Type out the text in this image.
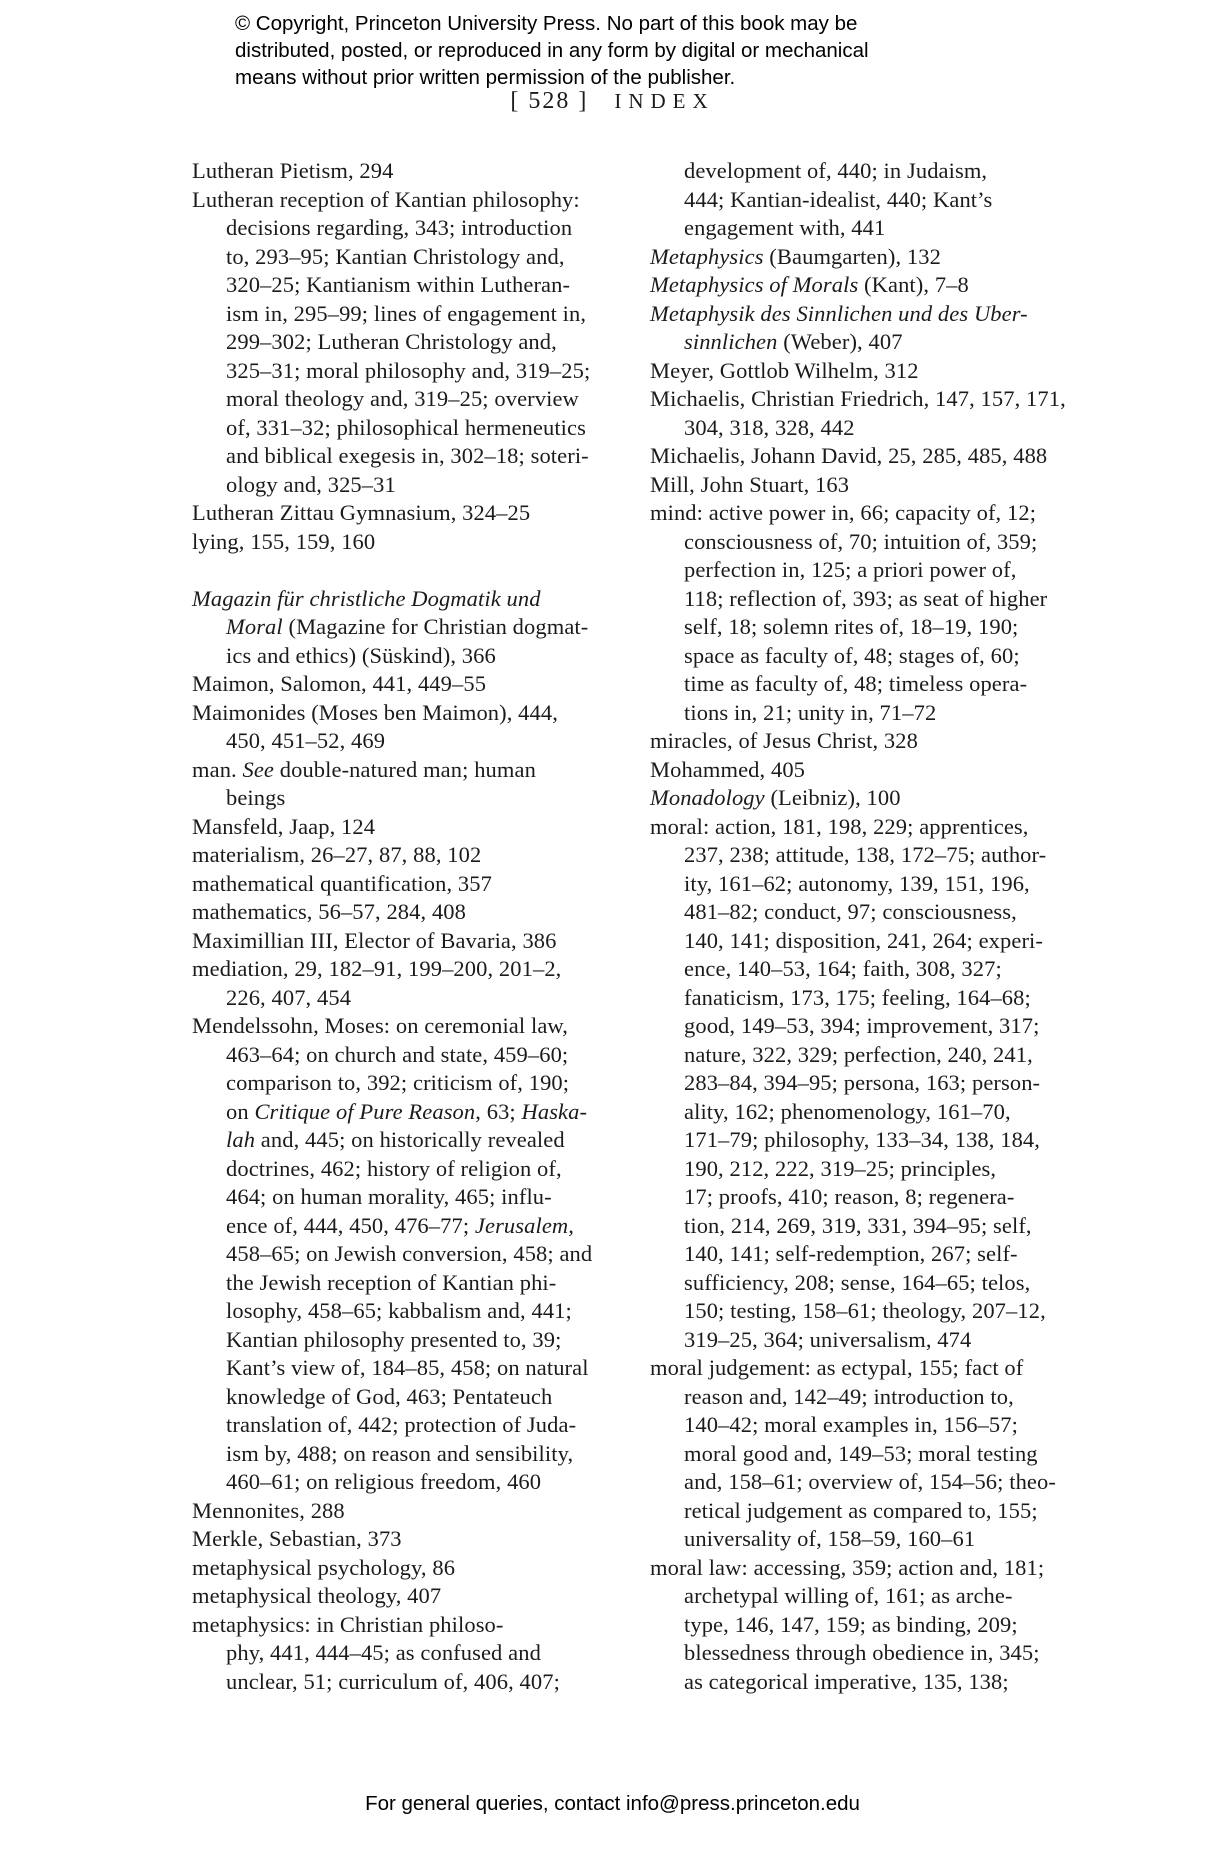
© Copyright, Princeton University Press. No part of this book may be
distributed, posted, or reproduced in any form by digital or mechanical
means without prior written permission of the publisher.
[ 528 ] INDEX
Lutheran Pietism, 294
Lutheran reception of Kantian philosophy:
decisions regarding, 343; introduction
to, 293–95; Kantian Christology and,
320–25; Kantianism within Lutheran-
ism in, 295–99; lines of engagement in,
299–302; Lutheran Christology and,
325–31; moral philosophy and, 319–25;
moral theology and, 319–25; overview
of, 331–32; philosophical hermeneutics
and biblical exegesis in, 302–18; soteri-
ology and, 325–31
Lutheran Zittau Gymnasium, 324–25
lying, 155, 159, 160
Magazin für christliche Dogmatik und
Moral (Magazine for Christian dogmat-
ics and ethics) (Süskind), 366
Maimon, Salomon, 441, 449–55
Maimonides (Moses ben Maimon), 444,
450, 451–52, 469
man. See double-natured man; human
beings
Mansfeld, Jaap, 124
materialism, 26–27, 87, 88, 102
mathematical quantification, 357
mathematics, 56–57, 284, 408
Maximillian III, Elector of Bavaria, 386
mediation, 29, 182–91, 199–200, 201–2,
226, 407, 454
Mendelssohn, Moses: on ceremonial law,
463–64; on church and state, 459–60;
comparison to, 392; criticism of, 190;
on Critique of Pure Reason, 63; Haska-
lah and, 445; on historically revealed
doctrines, 462; history of religion of,
464; on human morality, 465; influ-
ence of, 444, 450, 476–77; Jerusalem,
458–65; on Jewish conversion, 458; and
the Jewish reception of Kantian phi-
losophy, 458–65; kabbalism and, 441;
Kantian philosophy presented to, 39;
Kant’s view of, 184–85, 458; on natural
knowledge of God, 463; Pentateuch
translation of, 442; protection of Juda-
ism by, 488; on reason and sensibility,
460–61; on religious freedom, 460
Mennonites, 288
Merkle, Sebastian, 373
metaphysical psychology, 86
metaphysical theology, 407
metaphysics: in Christian philoso-
phy, 441, 444–45; as confused and
unclear, 51; curriculum of, 406, 407;
development of, 440; in Judaism,
444; Kantian-idealist, 440; Kant’s
engagement with, 441
Metaphysics (Baumgarten), 132
Metaphysics of Morals (Kant), 7–8
Metaphysik des Sinnlichen und des Uber-
sinnlichen (Weber), 407
Meyer, Gottlob Wilhelm, 312
Michaelis, Christian Friedrich, 147, 157, 171,
304, 318, 328, 442
Michaelis, Johann David, 25, 285, 485, 488
Mill, John Stuart, 163
mind: active power in, 66; capacity of, 12;
consciousness of, 70; intuition of, 359;
perfection in, 125; a priori power of,
118; reflection of, 393; as seat of higher
self, 18; solemn rites of, 18–19, 190;
space as faculty of, 48; stages of, 60;
time as faculty of, 48; timeless opera-
tions in, 21; unity in, 71–72
miracles, of Jesus Christ, 328
Mohammed, 405
Monadology (Leibniz), 100
moral: action, 181, 198, 229; apprentices,
237, 238; attitude, 138, 172–75; author-
ity, 161–62; autonomy, 139, 151, 196,
481–82; conduct, 97; consciousness,
140, 141; disposition, 241, 264; experi-
ence, 140–53, 164; faith, 308, 327;
fanaticism, 173, 175; feeling, 164–68;
good, 149–53, 394; improvement, 317;
nature, 322, 329; perfection, 240, 241,
283–84, 394–95; persona, 163; person-
ality, 162; phenomenology, 161–70,
171–79; philosophy, 133–34, 138, 184,
190, 212, 222, 319–25; principles,
17; proofs, 410; reason, 8; regenera-
tion, 214, 269, 319, 331, 394–95; self,
140, 141; self-redemption, 267; self-
sufficiency, 208; sense, 164–65; telos,
150; testing, 158–61; theology, 207–12,
319–25, 364; universalism, 474
moral judgement: as ectypal, 155; fact of
reason and, 142–49; introduction to,
140–42; moral examples in, 156–57;
moral good and, 149–53; moral testing
and, 158–61; overview of, 154–56; theo-
retical judgement as compared to, 155;
universality of, 158–59, 160–61
moral law: accessing, 359; action and, 181;
archetypal willing of, 161; as arche-
type, 146, 147, 159; as binding, 209;
blessedness through obedience in, 345;
as categorical imperative, 135, 138;
For general queries, contact info@press.princeton.edu
